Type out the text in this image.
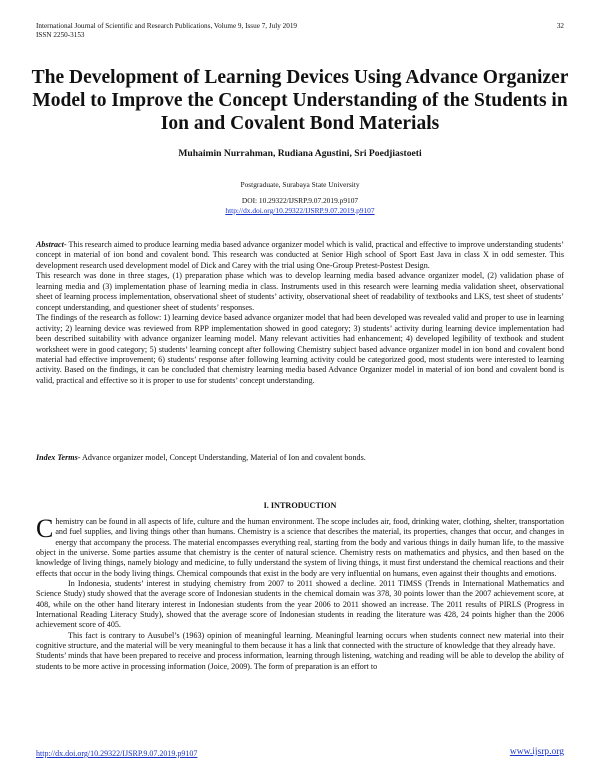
International Journal of Scientific and Research Publications, Volume 9, Issue 7, July 2019
ISSN 2250-3153
32
The Development of Learning Devices Using Advance Organizer Model to Improve the Concept Understanding of the Students in Ion and Covalent Bond Materials
Muhaimin Nurrahman, Rudiana Agustini, Sri Poedjiastoeti
Postgraduate, Surabaya State University
DOI: 10.29322/IJSRP.9.07.2019.p9107
http://dx.doi.org/10.29322/IJSRP.9.07.2019.p9107

Abstract- This research aimed to produce learning media based advance organizer model which is valid, practical and effective to improve understanding students’ concept in material of ion bond and covalent bond. This research was conducted at Senior High school of Sport East Java in class X in odd semester. This development research used development model of Dick and Carey with the trial using One-Group Pretest-Postest Design.

This research was done in three stages, (1) preparation phase which was to develop learning media based advance organizer model, (2) validation phase of learning media and (3) implementation phase of learning media in class. Instruments used in this research were learning media validation sheet, observational sheet of learning process implementation, observational sheet of students’ activity, observational sheet of readability of textbooks and LKS, test sheet of students’ concept understanding, and questioner sheet of students’ responses.

The findings of the research as follow: 1) learning device based advance organizer model that had been developed was revealed valid and proper to use in learning activity; 2) learning device was reviewed from RPP implementation showed in good category; 3) students’ activity during learning device implementation had been described suitability with advance organizer learning model. Many relevant activities had enhancement; 4) developed legibility of textbook and student worksheet were in good category; 5) students’ learning concept after following Chemistry subject based advance organizer model in ion bond and covalent bond material had effective improvement; 6) students’ response after following learning activity could be categorized good, most students were interested to learning activity. Based on the findings, it can be concluded that chemistry learning media based Advance Organizer model in material of ion bond and covalent bond is valid, practical and effective so it is proper to use for students’ concept understanding.

Index Terms- Advance organizer model, Concept Understanding, Material of Ion and covalent bonds.
I. INTRODUCTION

Chemistry can be found in all aspects of life, culture and the human environment. The scope includes air, food, drinking water, clothing, shelter, transportation and fuel supplies, and living things other than humans. Chemistry is a science that describes the material, its properties, changes that occur, and changes in energy that accompany the process. The material encompasses everything real, starting from the body and various things in daily human life, to the massive object in the universe. Some parties assume that chemistry is the center of natural science. Chemistry rests on mathematics and physics, and then based on the knowledge of living things, namely biology and medicine, to fully understand the system of living things, it must first understand the chemical reactions and their effects that occur in the body living things. Chemical compounds that exist in the body are very influential on humans, even against their thoughts and emotions.

In Indonesia, students’ interest in studying chemistry from 2007 to 2011 showed a decline. 2011 TIMSS (Trends in International Mathematics and Science Study) study showed that the average score of Indonesian students in the chemical domain was 378, 30 points lower than the 2007 achievement score, at 408, while on the other hand literary interest in Indonesian students from the year 2006 to 2011 showed an increase. The 2011 results of PIRLS (Progress in International Reading Literacy Study), showed that the average score of Indonesian students in reading the literature was 428, 24 points higher than the 2006 achievement score of 405.

This fact is contrary to Ausubel’s (1963) opinion of meaningful learning. Meaningful learning occurs when students connect new material into their cognitive structure, and the material will be very meaningful to them because it has a link that connected with the structure of knowledge that they already have.

Students’ minds that have been prepared to receive and process information, learning through listening, watching and reading will be able to develop the ability of students to be more active in processing information (Joice, 2009). The form of preparation is an effort to

http://dx.doi.org/10.29322/IJSRP.9.07.2019.p9107	www.ijsrp.org
